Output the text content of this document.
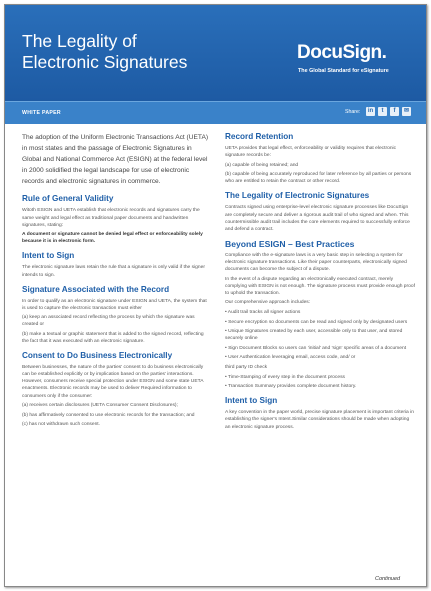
The Legality of
Electronic Signatures	DocuSign.
The Global Standard for eSignature
WHITE PAPER	Share:	in	t	f	✉
The adoption of the Uniform Electronic Transactions Act (UETA) in most states and the passage of Electronic Signatures in Global and National Commerce Act (ESIGN) at the federal level in 2000 solidified the legal landscape for use of electronic records and electronic signatures in commerce.
Rule of General Validity

Witoth ESIGN and UETA establish that electronic records and signatures carry the same weight and legal effect as traditional paper documents and handwritten signatures, stating:

A document or signature cannot be denied legal effect or enforceability solely because it is in electronic form.

Intent to Sign

The electronic signature laws retain the rule that a signature is only valid if the signer intends to sign.

Signature Associated with the Record

In order to qualify as an electronic signature under ESIGN and UETA, the system that is used to capture the electronic transaction must either

(a) keep an associated record reflecting the process by which the signature was created or

(b) make a textual or graphic statement that is added to the signed record, reflecting the fact that it was executed with an electronic signature.

Consent to Do Business Electronically

Between businesses, the nature of the parties' consent to do business electronically can be established explicitly or by implication based on the parties' interactions. However, consumers receive special protection under ESIGN and some state UETA enactments. Electronic records may be used to deliver Required information to consumers only if the consumer:

(a) receives certain disclosures (UETA Consumer Consent Disclosures);

(b) has affirmatively consented to use electronic records for the transaction; and

(c) has not withdrawn such consent.

Record Retention

UETA provides that legal effect, enforceability or validity requires that electronic signature records be:

(a) capable of being retained; and

(b) capable of being accurately reproduced for later reference by all parties or persons who are entitled to retain the contract or other record.

The Legality of Electronic Signatures

Contracts signed using enterprise-level electronic signature processes like DocuSign are completely secure and deliver a rigorous audit trail of who signed and when. This countermissible audit trail includes the core elements required to successfully enforce and defend a contract.

Beyond ESIGN – Best Practices

Compliance with the e-signature laws is a very basic step in selecting a system for electronic signature transactions. Like their paper counterparts, electronically signed documents can become the subject of a dispute.

In the event of a dispute regarding an electronically executed contract, merely complying with ESIGN is not enough. The signature process must provide enough proof to uphold the transaction.

Our comprehensive approach includes:

• Audit trail tracks all signer actions

• Secure encryption so documents can be read and signed only by designated users

• Unique Signatures created by each user, accessible only to that user, and stored securely online

• Sign Document Blocks so users can 'initial' and 'sign' specific areas of a document

• User Authentication leveraging email, access code, and/ or

third party ID check

• Time-Stamping of every step in the document process

• Transaction Summary provides complete document history.

Intent to Sign

A key convention in the paper world, precise signature placement is important criteria in establishing the signer's Intent.Similar considerations should be made when adopting an electronic signature process.

Continued
